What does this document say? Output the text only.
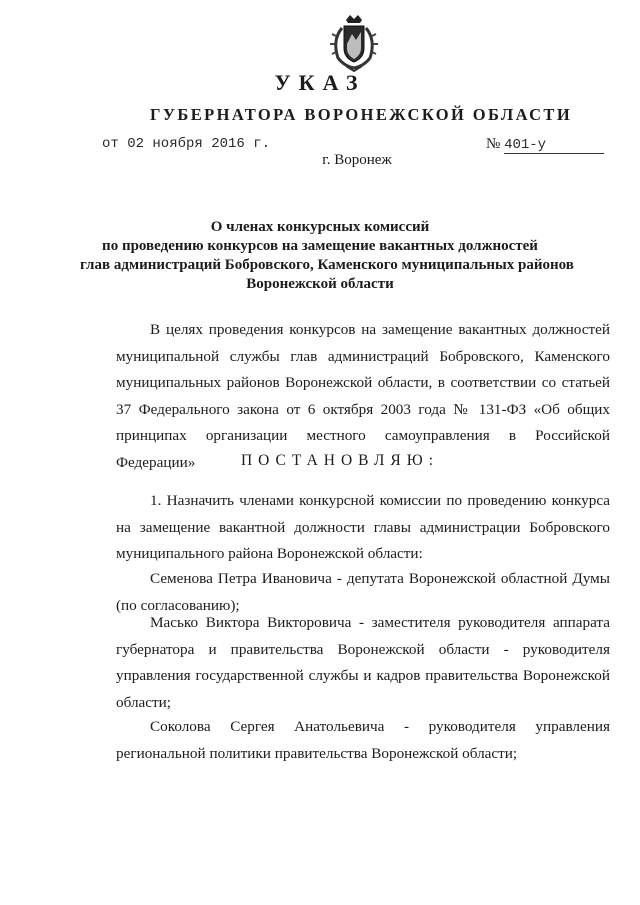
УКАЗ
ГУБЕРНАТОРА ВОРОНЕЖСКОЙ ОБЛАСТИ
от 02 ноября 2016 г.	№ 401-у
г. Воронеж
О членах конкурсных комиссий
по проведению конкурсов на замещение вакантных должностей
глав администраций Бобровского, Каменского муниципальных районов
Воронежской области
В целях проведения конкурсов на замещение вакантных должностей муниципальной службы глав администраций Бобровского, Каменского муниципальных районов Воронежской области, в соответствии со статьей 37 Федерального закона от 6 октября 2003 года № 131-ФЗ «Об общих принципах организации местного самоуправления в Российской Федерации»	ПОСТАНОВЛЯЮ:
1. Назначить членами конкурсной комиссии по проведению конкурса на замещение вакантной должности главы администрации Бобровского муниципального района Воронежской области:
Семенова Петра Ивановича - депутата Воронежской областной Думы (по согласованию);
Масько Виктора Викторовича - заместителя руководителя аппарата губернатора и правительства Воронежской области - руководителя управления государственной службы и кадров правительства Воронежской области;
Соколова Сергея Анатольевича - руководителя управления региональной политики правительства Воронежской области;
